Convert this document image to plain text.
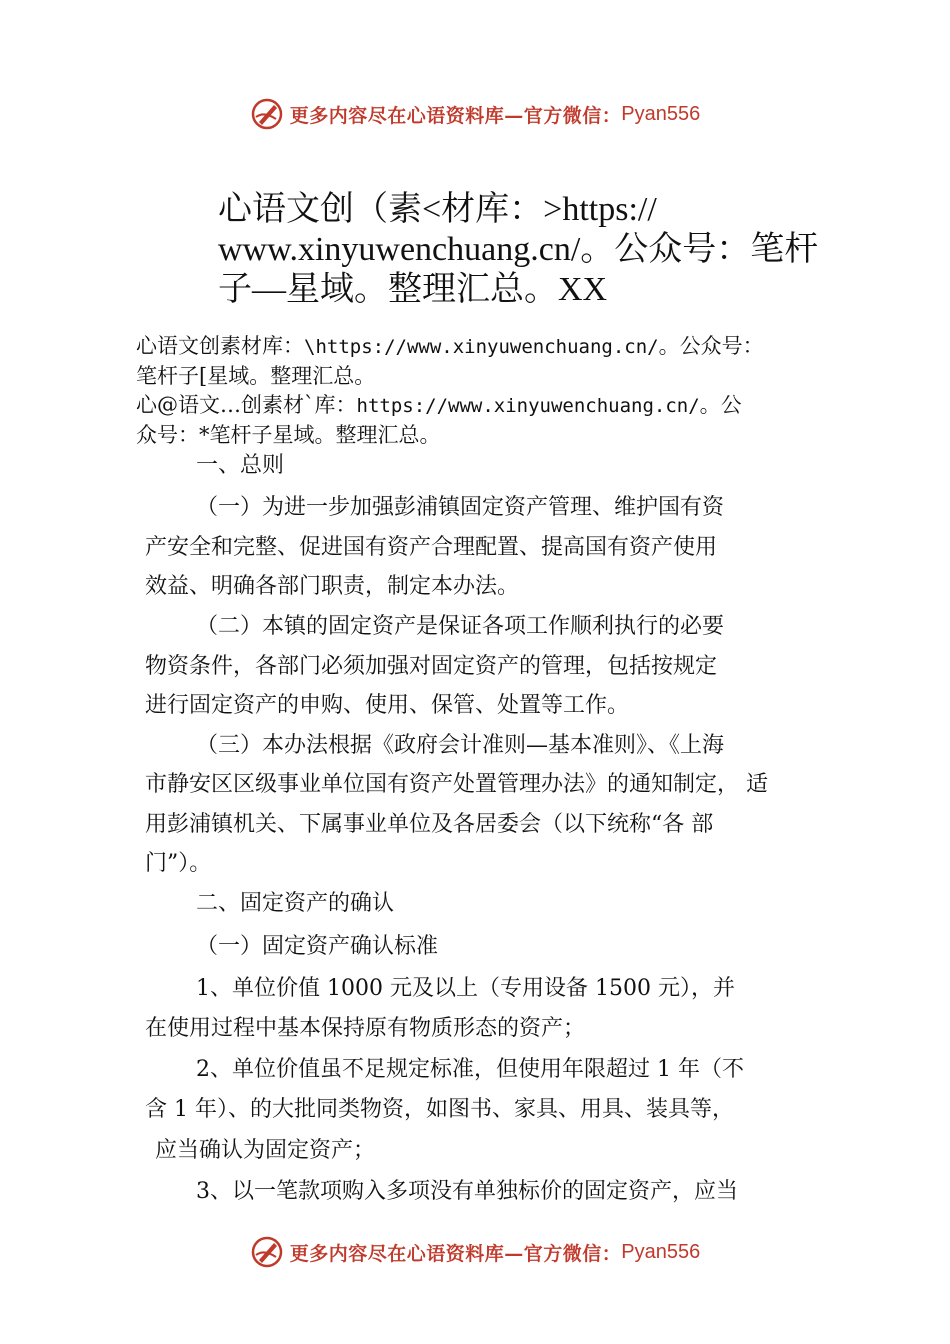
更多内容尽在心语资料库—官方微信： Pyan556
心语文创（素<材库：>https://
www.xinyuwenchuang.cn/。公众号：笔杆
子—星域。整理汇总。XX
心语文创素材库：\https://www.xinyuwenchuang.cn/。公众号：
笔杆子[星域。整理汇总。
心@语文…创素材`库：https://www.xinyuwenchuang.cn/。公
众号：*笔杆子星域。整理汇总。
一、总则
（一）为进一步加强彭浦镇固定资产管理、维护国有资
产安全和完整、促进国有资产合理配置、提高国有资产使用
效益、明确各部门职责，制定本办法。
（二）本镇的固定资产是保证各项工作顺利执行的必要
物资条件，各部门必须加强对固定资产的管理，包括按规定
进行固定资产的申购、使用、保管、处置等工作。
（三）本办法根据《政府会计准则—基本准则》、《上海
市静安区区级事业单位国有资产处置管理办法》的通知制定， 适
用彭浦镇机关、下属事业单位及各居委会（以下统称“各 部
门”）。
二、固定资产的确认
（一）固定资产确认标准
1、单位价值 1000 元及以上（专用设备 1500 元），并
在使用过程中基本保持原有物质形态的资产；
2、单位价值虽不足规定标准，但使用年限超过 1 年（不
含 1 年）、的大批同类物资，如图书、家具、用具、装具等，
应当确认为固定资产；
3、以一笔款项购入多项没有单独标价的固定资产，应当
更多内容尽在心语资料库—官方微信： Pyan556
